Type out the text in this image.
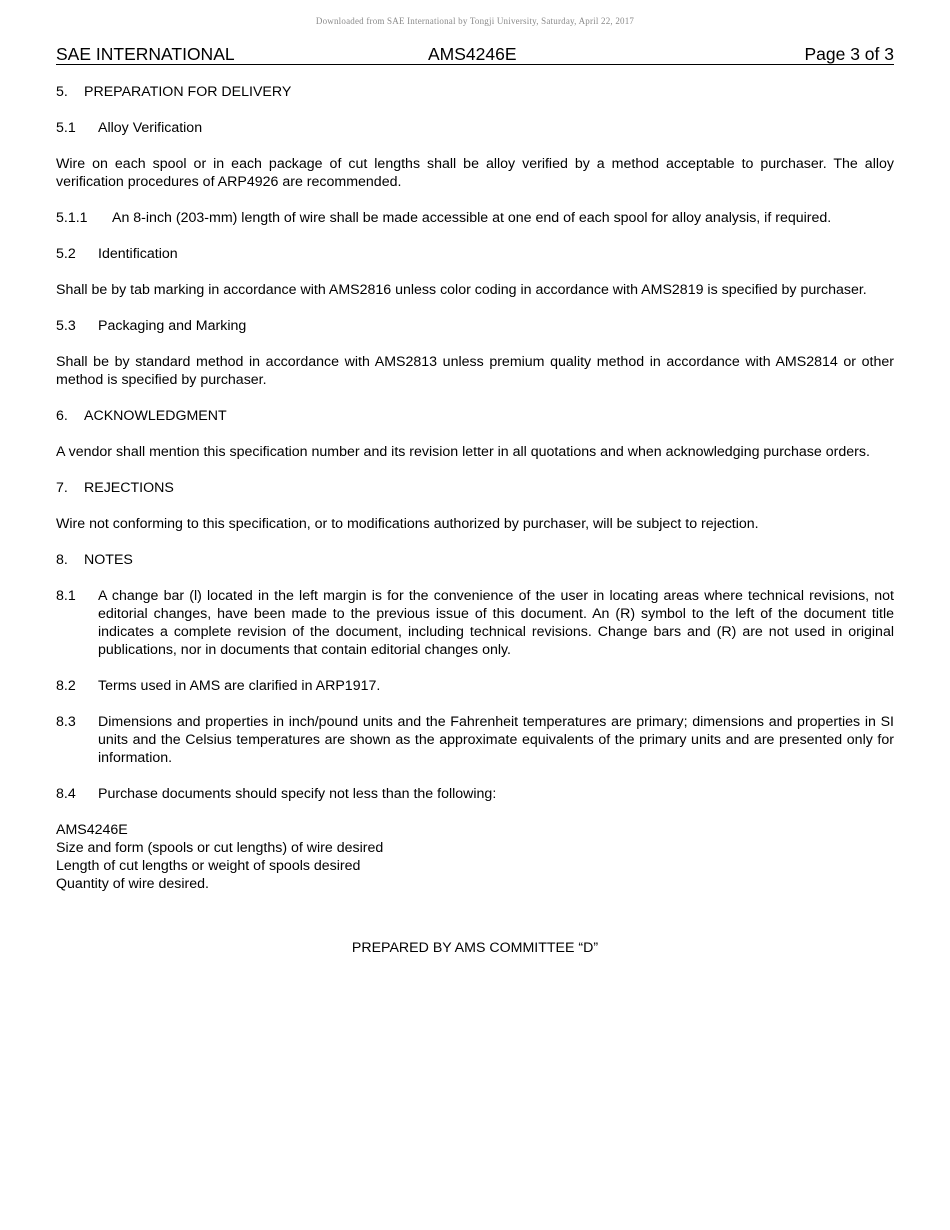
Downloaded from SAE International by Tongji University, Saturday, April 22, 2017
SAE INTERNATIONAL	AMS4246E	Page 3 of 3
5. PREPARATION FOR DELIVERY
5.1 Alloy Verification
Wire on each spool or in each package of cut lengths shall be alloy verified by a method acceptable to purchaser. The alloy verification procedures of ARP4926 are recommended.
5.1.1 An 8-inch (203-mm) length of wire shall be made accessible at one end of each spool for alloy analysis, if required.
5.2 Identification
Shall be by tab marking in accordance with AMS2816 unless color coding in accordance with AMS2819 is specified by purchaser.
5.3 Packaging and Marking
Shall be by standard method in accordance with AMS2813 unless premium quality method in accordance with AMS2814 or other method is specified by purchaser.
6. ACKNOWLEDGMENT
A vendor shall mention this specification number and its revision letter in all quotations and when acknowledging purchase orders.
7. REJECTIONS
Wire not conforming to this specification, or to modifications authorized by purchaser, will be subject to rejection.
8. NOTES
8.1 A change bar (l) located in the left margin is for the convenience of the user in locating areas where technical revisions, not editorial changes, have been made to the previous issue of this document. An (R) symbol to the left of the document title indicates a complete revision of the document, including technical revisions. Change bars and (R) are not used in original publications, nor in documents that contain editorial changes only.
8.2 Terms used in AMS are clarified in ARP1917.
8.3 Dimensions and properties in inch/pound units and the Fahrenheit temperatures are primary; dimensions and properties in SI units and the Celsius temperatures are shown as the approximate equivalents of the primary units and are presented only for information.
8.4 Purchase documents should specify not less than the following:
AMS4246E
Size and form (spools or cut lengths) of wire desired
Length of cut lengths or weight of spools desired
Quantity of wire desired.
PREPARED BY AMS COMMITTEE “D”
